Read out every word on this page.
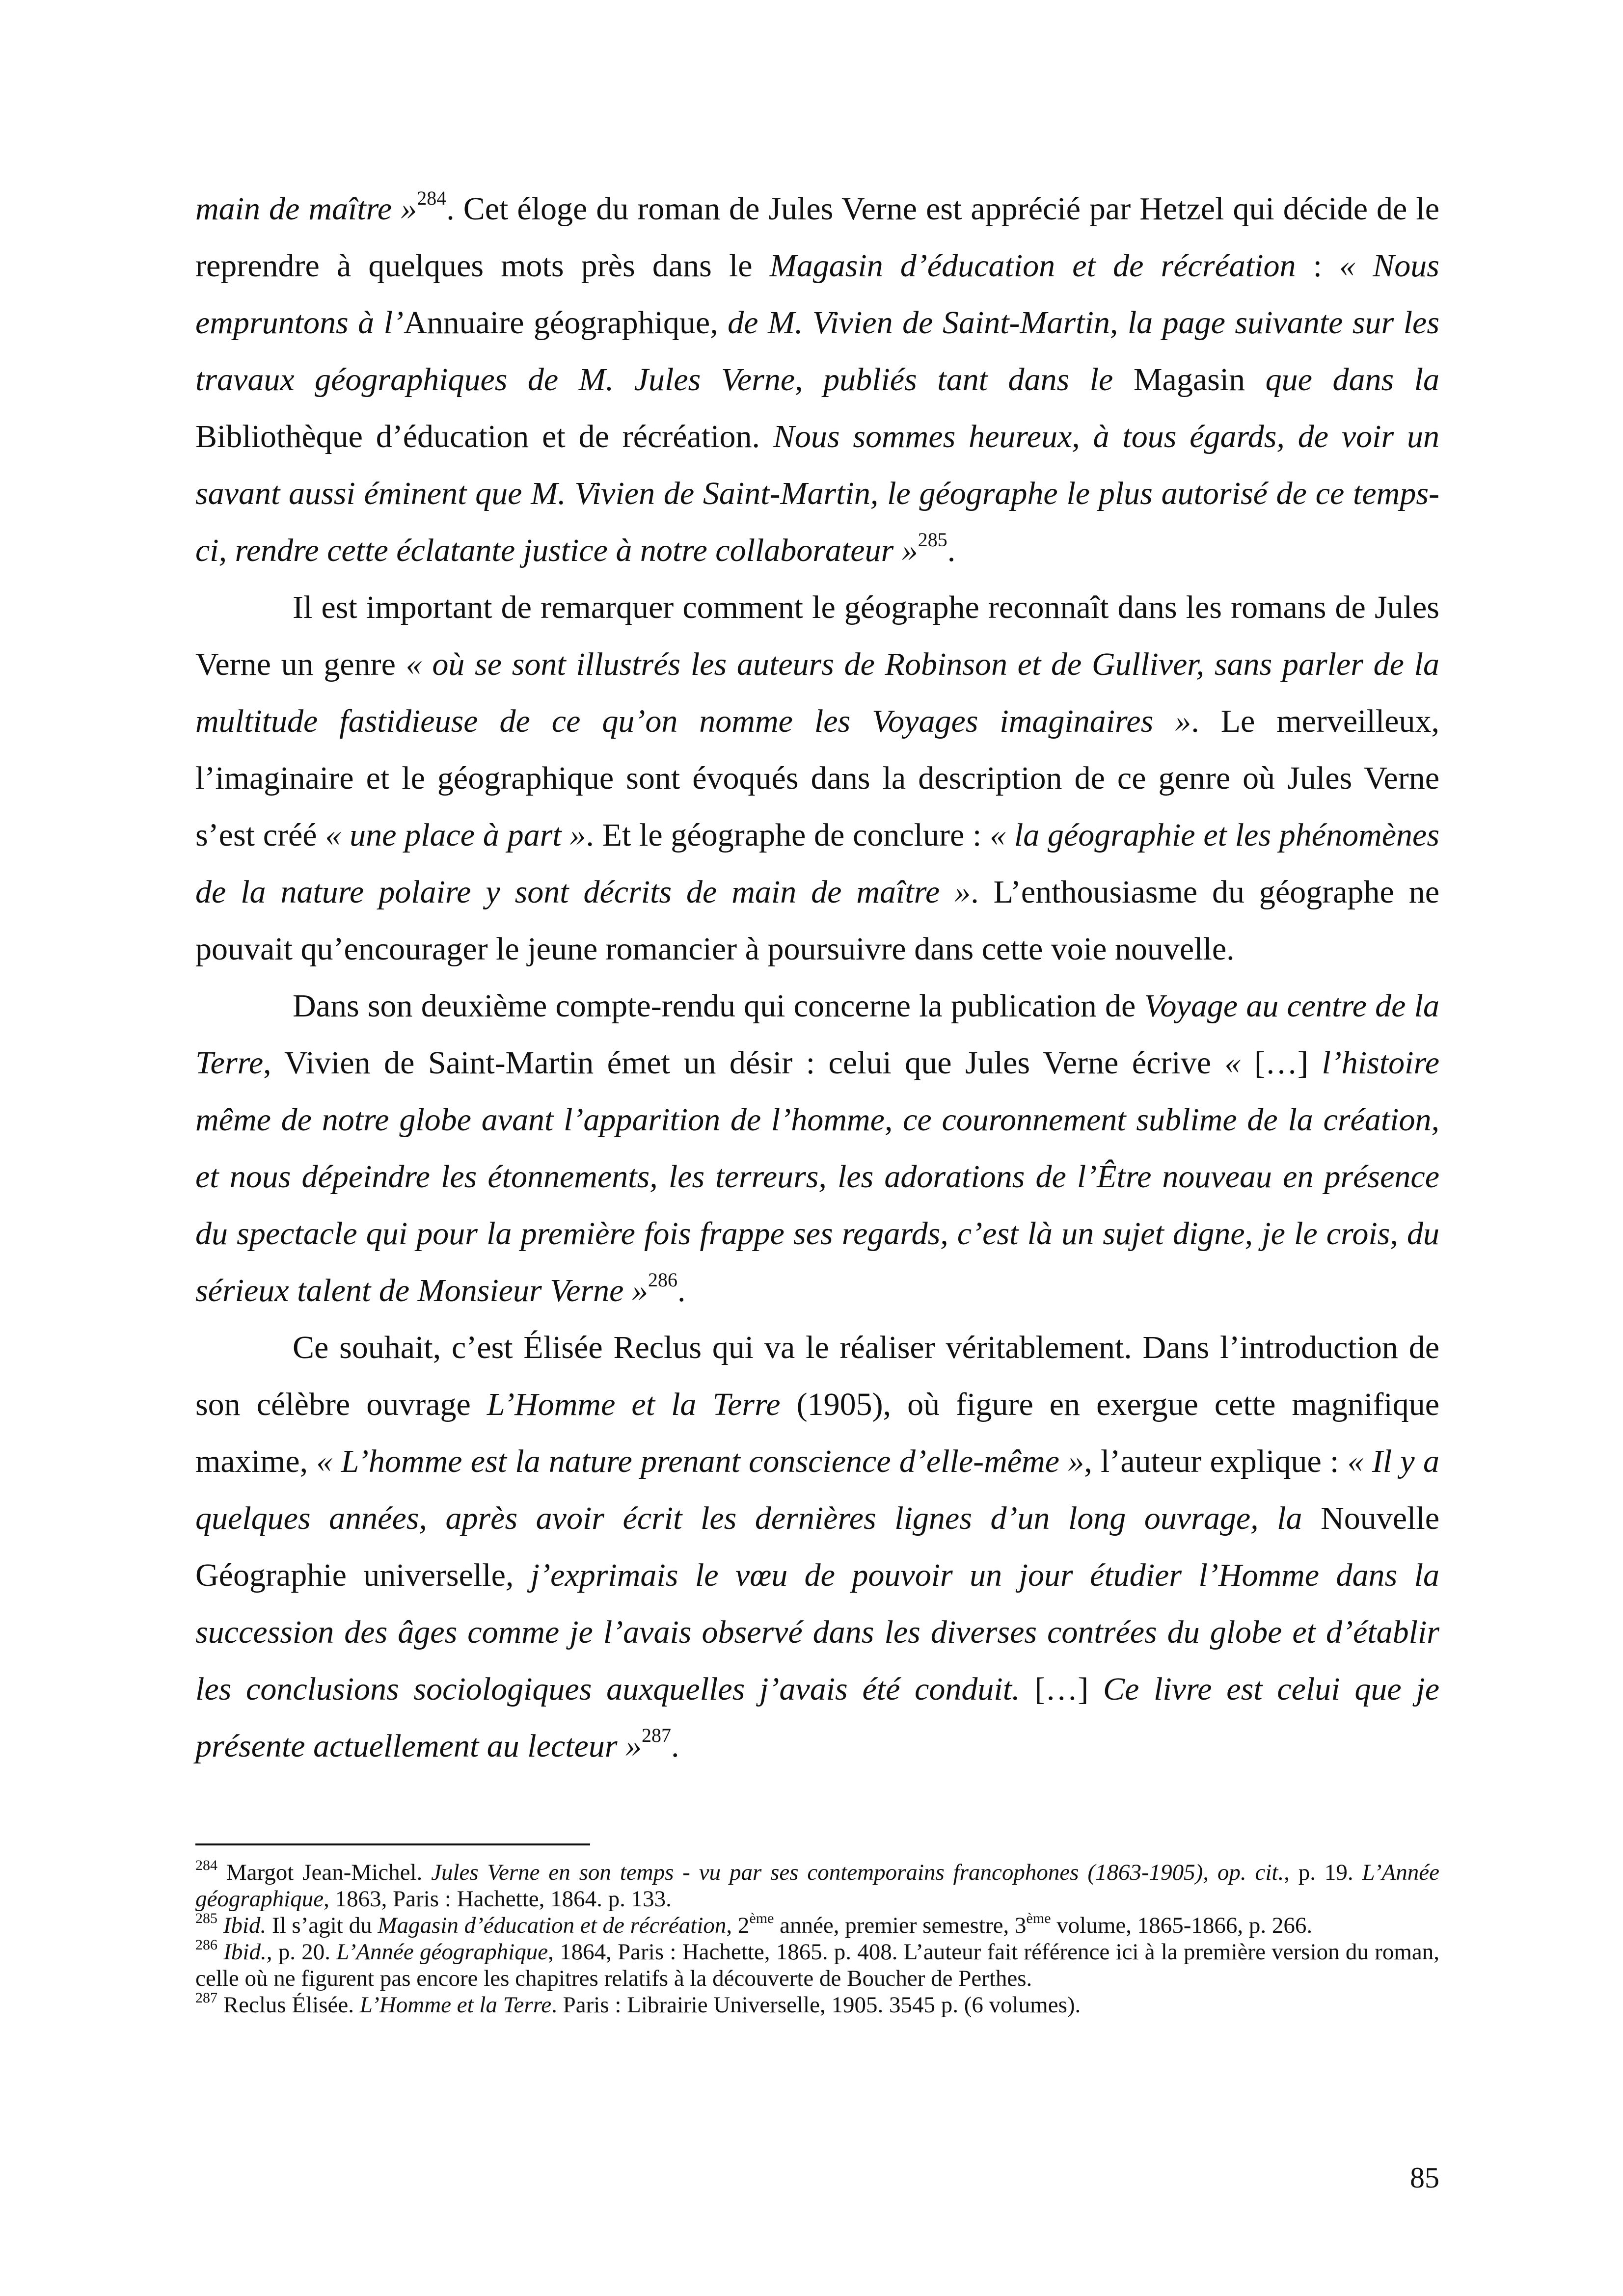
main de maître »$^{284}$. Cet éloge du roman de Jules Verne est apprécié par Hetzel qui décide de le reprendre à quelques mots près dans le Magasin d’éducation et de récréation : « Nous empruntons à l’Annuaire géographique, de M. Vivien de Saint-Martin, la page suivante sur les travaux géographiques de M. Jules Verne, publiés tant dans le Magasin que dans la Bibliothèque d’éducation et de récréation. Nous sommes heureux, à tous égards, de voir un savant aussi éminent que M. Vivien de Saint-Martin, le géographe le plus autorisé de ce temps-ci, rendre cette éclatante justice à notre collaborateur »$^{285}$.

Il est important de remarquer comment le géographe reconnaît dans les romans de Jules Verne un genre « où se sont illustrés les auteurs de Robinson et de Gulliver, sans parler de la multitude fastidieuse de ce qu’on nomme les Voyages imaginaires ». Le merveilleux, l’imaginaire et le géographique sont évoqués dans la description de ce genre où Jules Verne s’est créé « une place à part ». Et le géographe de conclure : « la géographie et les phénomènes de la nature polaire y sont décrits de main de maître ». L’enthousiasme du géographe ne pouvait qu’encourager le jeune romancier à poursuivre dans cette voie nouvelle.

Dans son deuxième compte-rendu qui concerne la publication de Voyage au centre de la Terre, Vivien de Saint-Martin émet un désir : celui que Jules Verne écrive « […] l’histoire même de notre globe avant l’apparition de l’homme, ce couronnement sublime de la création, et nous dépeindre les étonnements, les terreurs, les adorations de l’Être nouveau en présence du spectacle qui pour la première fois frappe ses regards, c’est là un sujet digne, je le crois, du sérieux talent de Monsieur Verne »$^{286}$.

Ce souhait, c’est Élisée Reclus qui va le réaliser véritablement. Dans l’introduction de son célèbre ouvrage L’Homme et la Terre (1905), où figure en exergue cette magnifique maxime, « L’homme est la nature prenant conscience d’elle-même », l’auteur explique : « Il y a quelques années, après avoir écrit les dernières lignes d’un long ouvrage, la Nouvelle Géographie universelle, j’exprimais le vœu de pouvoir un jour étudier l’Homme dans la succession des âges comme je l’avais observé dans les diverses contrées du globe et d’établir les conclusions sociologiques auxquelles j’avais été conduit. […] Ce livre est celui que je présente actuellement au lecteur »$^{287}$.

$^{284}$ Margot Jean-Michel. Jules Verne en son temps - vu par ses contemporains francophones (1863-1905), op. cit., p. 19. L’Année géographique, 1863, Paris : Hachette, 1864. p. 133.

$^{285}$ Ibid. Il s’agit du Magasin d’éducation et de récréation, 2ème année, premier semestre, 3ème volume, 1865-1866, p. 266.

$^{286}$ Ibid., p. 20. L’Année géographique, 1864, Paris : Hachette, 1865. p. 408. L’auteur fait référence ici à la première version du roman, celle où ne figurent pas encore les chapitres relatifs à la découverte de Boucher de Perthes.

$^{287}$ Reclus Élisée. L’Homme et la Terre. Paris : Librairie Universelle, 1905. 3545 p. (6 volumes).

85
